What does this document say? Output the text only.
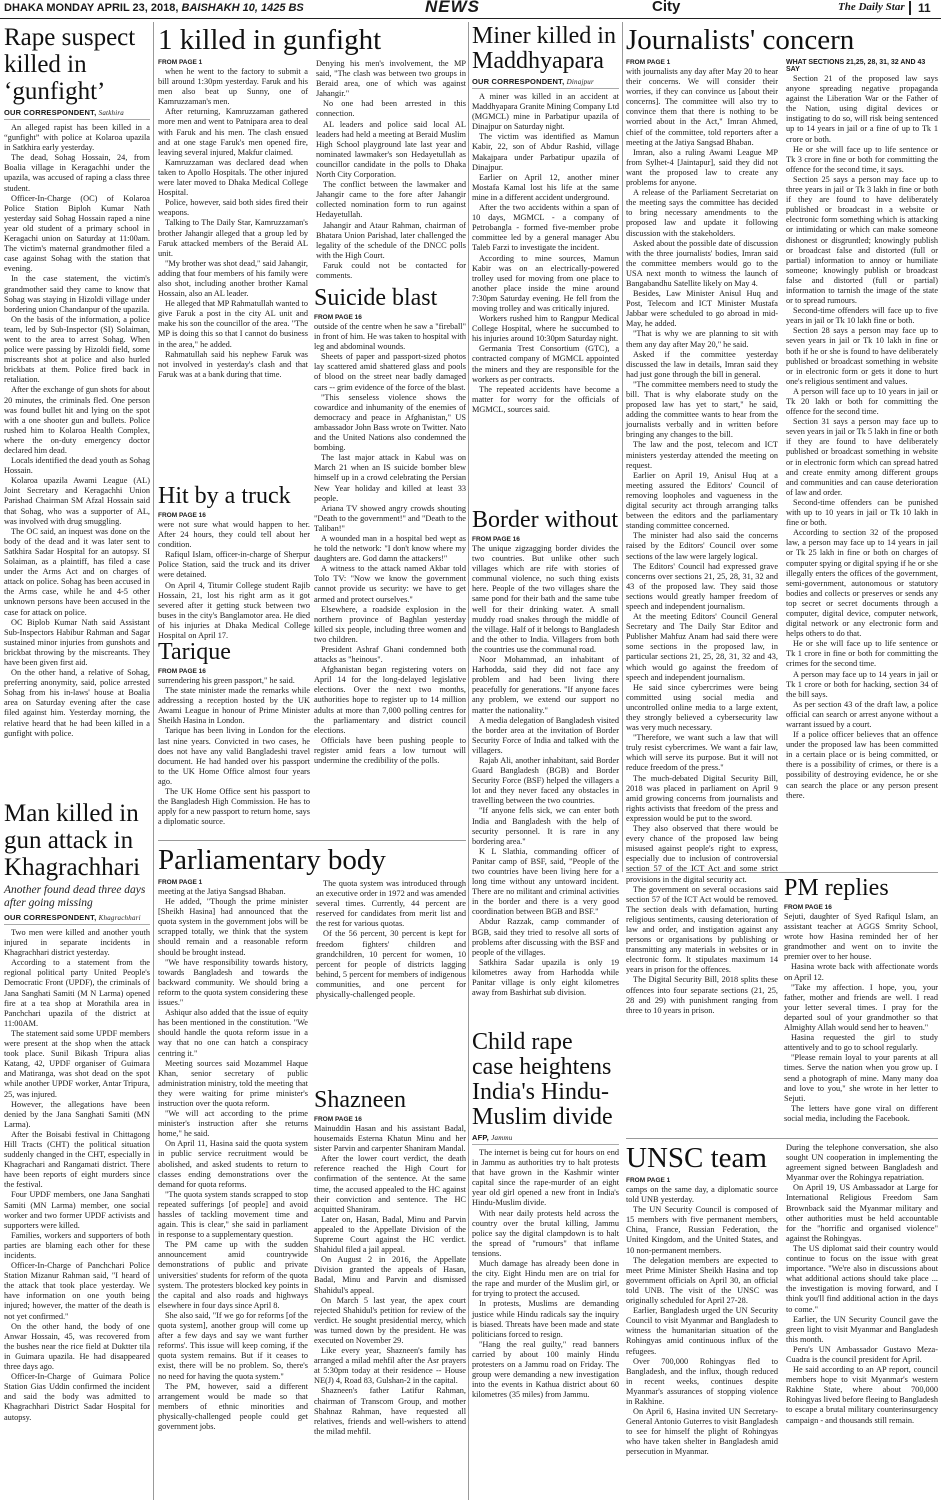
DHAKA MONDAY APRIL 23, 2018, BAISHAKH 10, 1425 BS	NEWS	City	The Daily Star	11
Rape suspect killed in ‘gunfight’
OUR CORRESPONDENT, Satkhira

An alleged rapist has been killed in a “gunfight” with police at Kolaroa upazila in Satkhira early yesterday.

The dead, Sohag Hossain, 24, from Boalia village in Keragachhi under the upazila, was accused of raping a class three student.

Officer-In-Charge (OC) of Kolaroa Police Station Biploh Kumar Nath yesterday said Sohag Hossain raped a nine year old student of a primary school in Keragachi union on Saturday at 11:00am. The victim's maternal grandmother filed a case against Sohag with the station that evening.

In the case statement, the victim's grandmother said they came to know that Sohag was staying in Hizoldi village under bordering union Chandanpur of the upazila.

On the basis of the information, a police team, led by Sub-Inspector (SI) Solaiman, went to the area to arrest Sohag. When police were passing by Hizoldi field, some miscreants shot at police and also hurled brickbats at them. Police fired back in retaliation.

After the exchange of gun shots for about 20 minutes, the criminals fled. One person was found bullet hit and lying on the spot with a one shooter gun and bullets. Police rushed him to Kolaroa Health Complex, where the on-duty emergency doctor declared him dead.

Locals identified the dead youth as Sohag Hossain.

Kolaroa upazila Awami League (AL) Joint Secretary and Keragachhi Union Parishad Chairman SM Afzal Hossain said that Sohag, who was a supporter of AL, was involved with drug smuggling.

The OC said, an inquest was done on the body of the dead and it was later sent to Satkhira Sadar Hospital for an autopsy. SI Solaiman, as a plaintiff, has filed a case under the Arms Act and on charges of attack on police. Sohag has been accused in the Arms case, while he and 4-5 other unknown persons have been accused in the case for attack on police.

OC Biplob Kumar Nath said Assistant Sub-Inspectors Habibur Rahman and Sagar sustained minor injuries from gunshots and brickbat throwing by the miscreants. They have been given first aid.

On the other hand, a relative of Sohag, preferring anonymity, said, police arrested Sohag from his in-laws' house at Boalia area on Saturday evening after the case filed against him. Yesterday morning, the relative heard that he had been killed in a gunfight with police.

Man killed in gun attack in Khagrachhari
Another found dead three days after going missing
OUR CORRESPONDENT, Khagrachhari

Two men were killed and another youth injured in separate incidents in Khagrachhari district yesterday.

According to a statement from the regional political party United People's Democratic Front (UPDF), the criminals of Jana Sanghati Samiti (M N Larma) opened fire at a tea shop at Morathila area in Panchchari upazila of the district at 11:00AM.

The statement said some UPDF members were present at the shop when the attack took place. Sunil Bikash Tripura alias Katang, 42, UPDF organiser of Guimara and Matiranga, was shot dead on the spot while another UPDF worker, Antar Tripura, 25, was injured.

However, the allegations have been denied by the Jana Sanghati Samiti (MN Larma).

After the Boisabi festival in Chittagong Hill Tracts (CHT) the political situation suddenly changed in the CHT, especially in Khagrachari and Rangamati district. There have been reports of eight murders since the festival.

Four UPDF members, one Jana Sanghati Samiti (MN Larma) member, one social worker and two former UPDF activists and supporters were killed.

Families, workers and supporters of both parties are blaming each other for these incidents.

Officer-In-Charge of Panchchari Police Station Mizanur Rahman said, "I heard of the attack that took place yesterday. We have information on one youth being injured; however, the matter of the death is not yet confirmed."

On the other hand, the body of one Anwar Hossain, 45, was recovered from the bushes near the rice field at Duktter tila in Guimara upazila. He had disappeared three days ago.

Officer-In-Charge of Guimara Police Station Gias Uddin confirmed the incident and said the body was admitted to Khagrachhari District Sadar Hospital for autopsy.

1 killed in gunfight
FROM PAGE 1

when he went to the factory to submit a bill around 1:30pm yesterday. Faruk and his men also beat up Sunny, one of Kamruzzaman's men.

After returning, Kamruzzaman gathered more men and went to Patnipara area to deal with Faruk and his men. The clash ensued and at one stage Faruk's men opened fire, leaving several injured, Makfur claimed.

Kamruzzaman was declared dead when taken to Apollo Hospitals. The other injured were later moved to Dhaka Medical College Hospital.

Police, however, said both sides fired their weapons.

Talking to The Daily Star, Kamruzzaman's brother Jahangir alleged that a group led by Faruk attacked members of the Beraid AL unit.

"My brother was shot dead," said Jahangir, adding that four members of his family were also shot, including another brother Kamal Hossain, also an AL leader.

He alleged that MP Rahmatullah wanted to give Faruk a post in the city AL unit and make his son the councillor of the area. "The MP is doing this so that I cannot do business in the area," he added.

Rahmatullah said his nephew Faruk was not involved in yesterday's clash and that Faruk was at a bank during that time.

Denying his men's involvement, the MP said, "The clash was between two groups in Beraid area, one of which was against Jahangir."

No one had been arrested in this connection.

AL leaders and police said local AL leaders had held a meeting at Beraid Muslim High School playground late last year and nominated lawmaker's son Hedayetullah as councillor candidate in the polls to Dhaka North City Corporation.

The conflict between the lawmaker and Jahangir came to the fore after Jahangir collected nomination form to run against Hedayetullah.

Jahangir and Ataur Rahman, chairman of Bhatara Union Parishad, later challenged the legality of the schedule of the DNCC polls with the High Court.

Faruk could not be contacted for comments.

Hit by a truck
FROM PAGE 16

were not sure what would happen to her. After 24 hours, they could tell about her condition.

Rafiqul Islam, officer-in-charge of Sherpur Police Station, said the truck and its driver were detained.

On April 4, Titumir College student Rajib Hossain, 21, lost his right arm as it got severed after it getting stuck between two buses in the city's Banglamotor area. He died of his injuries at Dhaka Medical College Hospital on April 17.

Tarique
FROM PAGE 16

surrendering his green passport," he said.

The state minister made the remarks while addressing a reception hosted by the UK Awami League in honour of Prime Minister Sheikh Hasina in London.

Tarique has been living in London for the last nine years. Convicted in two cases, he does not have any valid Bangladeshi travel document. He had handed over his passport to the UK Home Office almost four years ago.

The UK Home Office sent his passport to the Bangladesh High Commission. He has to apply for a new passport to return home, says a diplomatic source.

Suicide blast
FROM PAGE 16

outside of the centre when he saw a "fireball" in front of him. He was taken to hospital with leg and abdominal wounds.

Sheets of paper and passport-sized photos lay scattered amid shattered glass and pools of blood on the street near badly damaged cars -- grim evidence of the force of the blast.

"This senseless violence shows the cowardice and inhumanity of the enemies of democracy and peace in Afghanistan," US ambassador John Bass wrote on Twitter. Nato and the United Nations also condemned the bombing.

The last major attack in Kabul was on March 21 when an IS suicide bomber blew himself up in a crowd celebrating the Persian New Year holiday and killed at least 33 people.

Ariana TV showed angry crowds shouting "Death to the government!" and "Death to the Taliban!"

A wounded man in a hospital bed wept as he told the network: "I don't know where my daughters are. God damn the attackers!"

A witness to the attack named Akbar told Tolo TV: "Now we know the government cannot provide us security: we have to get armed and protect ourselves."

Elsewhere, a roadside explosion in the northern province of Baghlan yesterday killed six people, including three women and two children.

President Ashraf Ghani condemned both attacks as "heinous".

Afghanistan began registering voters on April 14 for the long-delayed legislative elections. Over the next two months, authorities hope to register up to 14 million adults at more than 7,000 polling centres for the parliamentary and district council elections.

Officials have been pushing people to register amid fears a low turnout will undermine the credibility of the polls.

Parliamentary body
FROM PAGE 1

meeting at the Jatiya Sangsad Bhaban.

He added, "Though the prime minister [Sheikh Hasina] had announced that the quota system in the government jobs will be scrapped totally, we think that the system should remain and a reasonable reform should be brought instead.

"We have responsibility towards history, towards Bangladesh and towards the backward community. We should bring a reform to the quota system considering these issues."

Ashiqur also added that the issue of equity has been mentioned in the constitution. "We should handle the quota reform issue in a way that no one can hatch a conspiracy centring it."

Meeting sources said Mozammel Haque Khan, senior secretary of public administration ministry, told the meeting that they were waiting for prime minister's instruction over the quota reform.

"We will act according to the prime minister's instruction after she returns home," he said.

On April 11, Hasina said the quota system in public service recruitment would be abolished, and asked students to return to classes ending demonstrations over the demand for quota reforms.

"The quota system stands scrapped to stop repeated sufferings [of people] and avoid hassles of tackling movement time and again. This is clear," she said in parliament in response to a supplementary question.

The PM came up with the sudden announcement amid countrywide demonstrations of public and private universities' students for reform of the quota system. The protesters blocked key points in the capital and also roads and highways elsewhere in four days since April 8.

She also said, "If we go for reforms [of the quota system], another group will come up after a few days and say we want further reforms'. This issue will keep coming, if the quota system remains. But if it ceases to exist, there will be no problem. So, there's no need for having the quota system."

The PM, however, said a different arrangement would be made so that members of ethnic minorities and physically-challenged people could get government jobs.

The quota system was introduced through an executive order in 1972 and was amended several times. Currently, 44 percent are reserved for candidates from merit list and the rest for various quotas.

Of the 56 percent, 30 percent is kept for freedom fighters' children and grandchildren, 10 percent for women, 10 percent for people of districts lagging behind, 5 percent for members of indigenous communities, and one percent for physically-challenged people.

Shazneen
FROM PAGE 16

Mainuddin Hasan and his assistant Badal, housemaids Esterna Khatun Minu and her sister Parvin and carpenter Shaniram Mandal.

After the lower court verdict, the death reference reached the High Court for confirmation of the sentence. At the same time, the accused appealed to the HC against their conviction and sentence. The HC acquitted Shaniram.

Later on, Hasan, Badal, Minu and Parvin appealed to the Appellate Division of the Supreme Court against the HC verdict. Shahidul filed a jail appeal.

On August 2 in 2016, the Appellate Division granted the appeals of Hasan, Badal, Minu and Parvin and dismissed Shahidul's appeal.

On March 5 last year, the apex court rejected Shahidul's petition for review of the verdict. He sought presidential mercy, which was turned down by the president. He was executed on November 29.

Like every year, Shazneen's family has arranged a milad mehfil after the Asr prayers at 5:30pm today at their residence -- House NE(J) 4, Road 83, Gulshan-2 in the capital.

Shazneen's father Latifur Rahman, chairman of Transcom Group, and mother Shahnaz Rahman, have requested all relatives, friends and well-wishers to attend the milad mehfil.

Miner killed in Maddhyapara
OUR CORRESPONDENT, Dinajpur

A miner was killed in an accident at Maddhyapara Granite Mining Company Ltd (MGMCL) mine in Parbatipur upazila of Dinajpur on Saturday night.

The victim was identified as Mamun Kabir, 22, son of Abdur Rashid, village Makajpara under Parbatipur upazila of Dinajpur.

Earlier on April 12, another miner Mostafa Kamal lost his life at the same mine in a different accident underground.

After the two accidents within a span of 10 days, MGMCL - a company of Petrobangla - formed five-member probe committee led by a general manager Abu Taleb Farzi to investigate the incident.

According to mine sources, Mamun Kabir was on an electrically-powered trolley used for moving from one place to another place inside the mine around 7:30pm Saturday evening. He fell from the moving trolley and was critically injured.

Workers rushed him to Rangpur Medical College Hospital, where he succumbed to his injuries around 10:30pm Saturday night.

Germania Trest Consortium (GTC), a contracted company of MGMCL appointed the miners and they are responsible for the workers as per contracts.

The repeated accidents have become a matter for worry for the officials of MGMCL, sources said.

Border without
FROM PAGE 16

The unique zigzagging border divides the two countries. But unlike other such villages which are rife with stories of communal violence, no such thing exists here. People of the two villages share the same pond for their bath and the same tube well for their drinking water. A small muddy road snakes through the middle of the village. Half of it belongs to Bangladesh and the other to India. Villagers from both the countries use the communal road.

Noor Mohammad, an inhabitant of Harhodda, said they did not face any problem and had been living there peacefully for generations. "If anyone faces any problem, we extend our support no matter the nationality."

A media delegation of Bangladesh visited the border area at the invitation of Border Security Force of India and talked with the villagers.

Rajab Ali, another inhabitant, said Border Guard Bangladesh (BGB) and Border Security Force (BSF) helped the villagers a lot and they never faced any obstacles in travelling between the two countries.

"If anyone fells sick, we can enter both India and Bangladesh with the help of security personnel. It is rare in any bordering area."

K L Slathia, commanding officer of Panitar camp of BSF, said, "People of the two countries have been living here for a long time without any untoward incident. There are no militant and criminal activities in the border and there is a very good coordination between BGB and BSF."

Abdur Razzak, camp commander of BGB, said they tried to resolve all sorts of problems after discussing with the BSF and people of the villages.

Satkhira Sadar upazila is only 19 kilometres away from Harhodda while Panitar village is only eight kilometres away from Bashirhat sub division.

Child rape case heightens India's Hindu-Muslim divide
AFP, Jammu

The internet is being cut for hours on end in Jammu as authorities try to halt protests that have grown in the Kashmir winter capital since the rape-murder of an eight year old girl opened a new front in India's Hindu-Muslim divide.

With near daily protests held across the country over the brutal killing, Jammu police say the digital clampdown is to halt the spread of "rumours" that inflame tensions.

Much damage has already been done in the city. Eight Hindu men are on trial for the rape and murder of the Muslim girl, or for trying to protect the accused.

In protests, Muslims are demanding justice while Hindu radicals say the inquiry is biased. Threats have been made and state politicians forced to resign.

"Hang the real guilty," read banners carried by about 100 mainly Hindu protesters on a Jammu road on Friday. The group were demanding a new investigation into the events in Kathua district about 60 kilometres (35 miles) from Jammu.

Journalists' concern
FROM PAGE 1

with journalists any day after May 20 to hear their concerns. We will consider their worries, if they can convince us [about their concerns]. The committee will also try to convince them that there is nothing to be worried about in the Act," Imran Ahmed, chief of the committee, told reporters after a meeting at the Jatiya Sangsad Bhaban.

Imran, also a ruling Awami League MP from Sylhet-4 [Jaintapur], said they did not want the proposed law to create any problems for anyone.

A release of the Parliament Secretariat on the meeting says the committee has decided to bring necessary amendments to the proposed law and update it following discussion with the stakeholders.

Asked about the possible date of discussion with the three journalists' bodies, Imran said the committee members would go to the USA next month to witness the launch of Bangabandhu Satellite likely on May 4.

Besides, Law Minister Anisul Huq and Post, Telecom and ICT Minister Mustafa Jabbar were scheduled to go abroad in mid-May, he added.

"That is why we are planning to sit with them any day after May 20," he said.

Asked if the committee yesterday discussed the law in details, Imran said they had just gone through the bill in general.

"The committee members need to study the bill. That is why elaborate study on the proposed law has yet to start," he said, adding the committee wants to hear from the journalists verbally and in written before bringing any changes to the bill.

The law and the post, telecom and ICT ministers yesterday attended the meeting on request.

Earlier on April 19, Anisul Huq at a meeting assured the Editors' Council of removing loopholes and vagueness in the digital security act through arranging talks between the editors and the parliamentary standing committee concerned.

The minister had also said the concerns raised by the Editors' Council over some sections of the law were largely logical.

The Editors' Council had expressed grave concerns over sections 21, 25, 28, 31, 32 and 43 of the proposed law. They said those sections would greatly hamper freedom of speech and independent journalism.

At the meeting Editors' Council General Secretary and The Daily Star Editor and Publisher Mahfuz Anam had said there were some sections in the proposed law, in particular sections 21, 25, 28, 31, 32 and 43, which would go against the freedom of speech and independent journalism.

He said since cybercrimes were being committed using social media and uncontrolled online media to a large extent, they strongly believed a cybersecurity law was very much necessary.

"Therefore, we want such a law that will truly resist cybercrimes. We want a fair law, which will serve its purpose. But it will not reduce freedom of the press."

The much-debated Digital Security Bill, 2018 was placed in parliament on April 9 amid growing concerns from journalists and rights activists that freedom of the press and expression would be put to the sword.

They also observed that there would be every chance of the proposed law being misused against people's right to express, especially due to inclusion of controversial section 57 of the ICT Act and some strict provisions in the digital security act.

The government on several occasions said section 57 of the ICT Act would be removed. The section deals with defamation, hurting religious sentiments, causing deterioration of law and order, and instigation against any persons or organisations by publishing or transmitting any materials in websites or in electronic form. It stipulates maximum 14 years in prison for the offences.

The Digital Security Bill, 2018 splits these offences into four separate sections (21, 25, 28 and 29) with punishment ranging from three to 10 years in prison.

WHAT SECTIONS 21,25, 28, 31, 32 AND 43 SAY

Section 21 of the proposed law says anyone spreading negative propaganda against the Liberation War or the Father of the Nation, using digital devices or instigating to do so, will risk being sentenced up to 14 years in jail or a fine of up to Tk 1 crore or both.

He or she will face up to life sentence or Tk 3 crore in fine or both for committing the offence for the second time, it says.

Section 25 says a person may face up to three years in jail or Tk 3 lakh in fine or both if they are found to have deliberately published or broadcast in a website or electronic form something which is attacking or intimidating or which can make someone dishonest or disgruntled; knowingly publish or broadcast false and distorted (full or partial) information to annoy or humiliate someone; knowingly publish or broadcast false and distorted (full or partial) information to tarnish the image of the state or to spread rumours.

Second-time offenders will face up to five years in jail or Tk 10 lakh fine or both.

Section 28 says a person may face up to seven years in jail or Tk 10 lakh in fine or both if he or she is found to have deliberately published or broadcast something in website or in electronic form or gets it done to hurt one's religious sentiment and values.

A person will face up to 10 years in jail or Tk 20 lakh or both for committing the offence for the second time.

Section 31 says a person may face up to seven years in jail or Tk 5 lakh in fine or both if they are found to have deliberately published or broadcast something in website or in electronic form which can spread hatred and create enmity among different groups and communities and can cause deterioration of law and order.

Second-time offenders can be punished with up to 10 years in jail or Tk 10 lakh in fine or both.

According to section 32 of the proposed law, a person may face up to 14 years in jail or Tk 25 lakh in fine or both on charges of computer spying or digital spying if he or she illegally enters the offices of the government, semi-government, autonomous or statutory bodies and collects or preserves or sends any top secret or secret documents through a computer, digital device, computer network, digital network or any electronic form and helps others to do that.

He or she will face up to life sentence or Tk 1 crore in fine or both for committing the crimes for the second time.

A person may face up to 14 years in jail or Tk 1 crore or both for hacking, section 34 of the bill says.

As per section 43 of the draft law, a police official can search or arrest anyone without a warrant issued by a court.

If a police officer believes that an offence under the proposed law has been committed in a certain place or is being committed, or there is a possibility of crimes, or there is a possibility of destroying evidence, he or she can search the place or any person present there.

PM replies
FROM PAGE 16

Sejuti, daughter of Syed Rafiqul Islam, an assistant teacher at AGGS Smrity School, wrote how Hasina reminded her of her grandmother and went on to invite the premier over to her house.

Hasina wrote back with affectionate words on April 12.

"Take my affection. I hope, you, your father, mother and friends are well. I read your letter several times. I pray for the departed soul of your grandmother so that Almighty Allah would send her to heaven."

Hasina requested the girl to study attentively and to go to school regularly.

"Please remain loyal to your parents at all times. Serve the nation when you grow up. I send a photograph of mine. Many many doa and love to you," she wrote in her letter to Sejuti.

The letters have gone viral on different social media, including the Facebook.

UNSC team
FROM PAGE 1

camps on the same day, a diplomatic source told UNB yesterday.

The UN Security Council is composed of 15 members with five permanent members, China, France, Russian Federation, the United Kingdom, and the United States, and 10 non-permanent members.

The delegation members are expected to meet Prime Minister Sheikh Hasina and top government officials on April 30, an official told UNB. The visit of the UNSC was originally scheduled for April 27-28.

Earlier, Bangladesh urged the UN Security Council to visit Myanmar and Bangladesh to witness the humanitarian situation of the Rohingyas amid continuous influx of the refugees.

Over 700,000 Rohingyas fled to Bangladesh, and the influx, though reduced in recent weeks, continues despite Myanmar's assurances of stopping violence in Rakhine.

On April 6, Hasina invited UN Secretary-General Antonio Guterres to visit Bangladesh to see for himself the plight of Rohingyas who have taken shelter in Bangladesh amid persecution in Myanmar.

During the telephone conversation, she also sought UN cooperation in implementing the agreement signed between Bangladesh and Myanmar over the Rohingya repatriation.

On April 19, US Ambassador at Large for International Religious Freedom Sam Brownback said the Myanmar military and other authorities must be held accountable for the "horrific and organised violence" against the Rohingyas.

The US diplomat said their country would continue to focus on the issue with great importance. "We're also in discussions about what additional actions should take place ... the investigation is moving forward, and I think you'll find additional action in the days to come."

Earlier, the UN Security Council gave the green light to visit Myanmar and Bangladesh this month.

Peru's UN Ambassador Gustavo Meza-Cuadra is the council president for April.

He said according to an AP report, council members hope to visit Myanmar's western Rakhine State, where about 700,000 Rohingyas lived before fleeing to Bangladesh to escape a brutal military counterinsurgency campaign - and thousands still remain.
